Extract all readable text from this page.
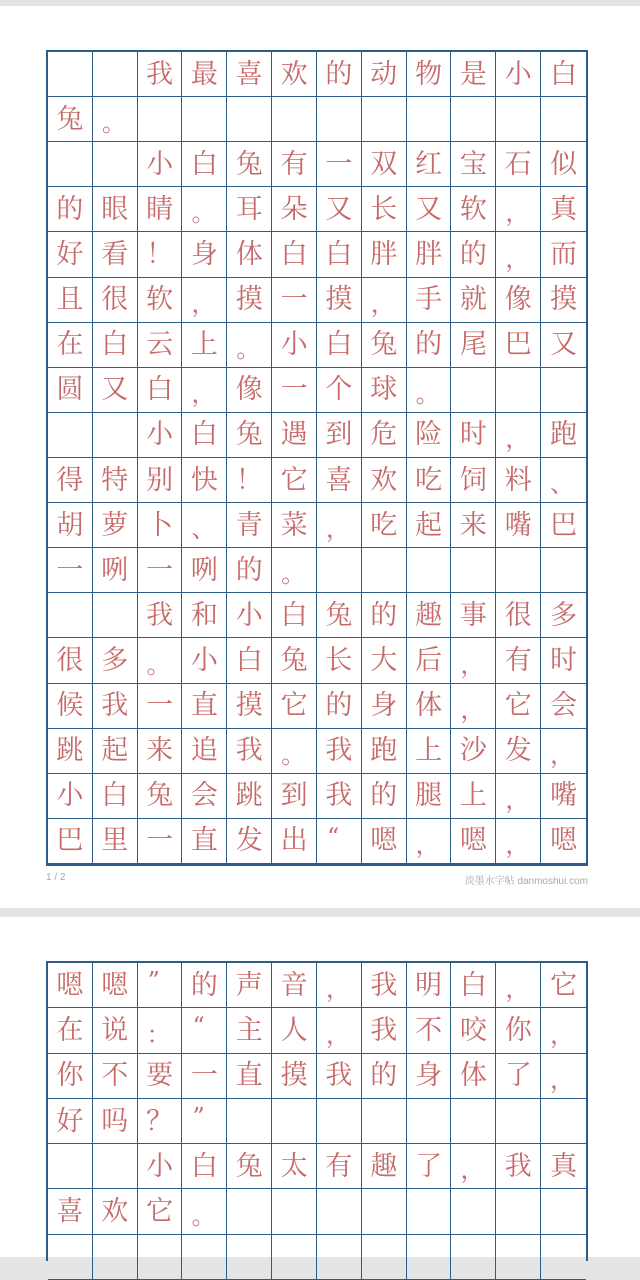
我 最 喜 欢 的 动 物 是 小 白
兔 。
小 白 兔 有 一 双 红 宝 石 似
的 眼 睛 。 耳 朵 又 长 又 软 ， 真
好 看 ！ 身 体 白 白 胖 胖 的 ， 而
且 很 软 ， 摸 一 摸 ， 手 就 像 摸
在 白 云 上 。 小 白 兔 的 尾 巴 又
圆 又 白 ， 像 一 个 球 。
小 白 兔 遇 到 危 险 时 ， 跑
得 特 别 快 ！ 它 喜 欢 吃 饲 料 、
胡 萝 卜 、 青 菜 ， 吃 起 来 嘴 巴
一 咧 一 咧 的 。
我 和 小 白 兔 的 趣 事 很 多
很 多 。 小 白 兔 长 大 后 ， 有 时
候 我 一 直 摸 它 的 身 体 ， 它 会
跳 起 来 追 我 。 我 跑 上 沙 发 ，
小 白 兔 会 跳 到 我 的 腿 上 ， 嘴
巴 里 一 直 发 出 “	嗯 ， 嗯 ， 嗯
1 / 2	淡墨水字帖 danmoshui.com
嗯 嗯 ”	的 声 音 ， 我 明 白 ， 它
在 说 ： “	主 人 ， 我 不 咬 你 ，
你 不 要 一 直 摸 我 的 身 体 了 ，
好 吗 ？ ”
小 白 兔 太 有 趣 了 ， 我 真
喜 欢 它 。
